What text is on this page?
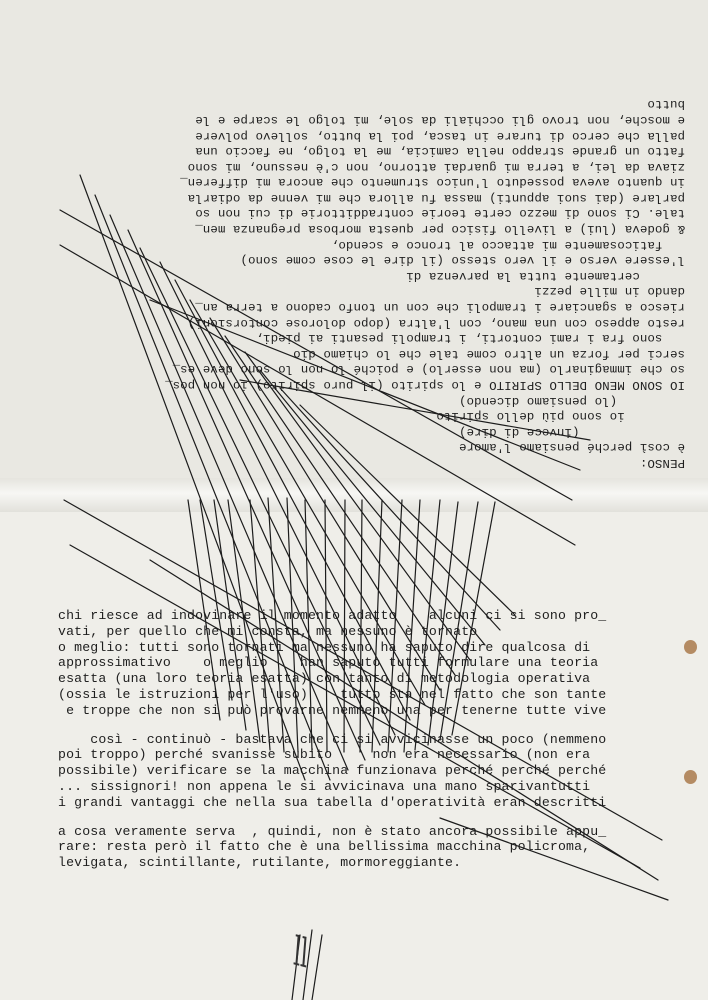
PENSO:

è così perché pensiamo l'amore

(invece di dire)

io sono più dello spirito

(lo pensiamo dicendo)

IO SONO MENO DELLO SPIRITO e lo spirito (il puro spirito) io non pos_

so che immaginarlo (ma non esserlo) e poiché lo non lo sono deve es_

serci per forza un altro come tale che lo chiamo dio

sono fra i rami contorti, i trampoli pesanti ai piedi,

resto appeso con una mano, con l'altra (dopo dolorose contorsioni)

riesco a sganciare i trampoli che con un tonfo cadono a terra an_

dando in mille pezzi

certamente tutta la parvenza di

l'essere verso e il vero stesso (il dire le cose come sono)

faticosamente mi attacco al tronco e scendo,

& godeva (lui) a livello fisico per questa morbosa pregnanza men_

tale. Ci sono di mezzo certe teorie contraddittorie di cui non so

parlare (dai suoi appunti) massa fu allora che mi venne da odiarla

in quanto aveva posseduto l'unico strumento che ancora mi differen_

ziava da lei, a terra mi guardai attorno, non c'è nessuno, mi sono

fatto un grande strappo nella camicia, me la tolgo, ne faccio una

palla che cerco di turare in tasca, poi la butto, sollevo polvere

e mosche, non trovo gli occhiali da sole, mi tolgo le scarpe e le

butto

chi riesce ad indovinare il momento adatto    alcuni ci si sono pro_

vati, per quello che mi consta, ma nessuno è tornato

o meglio: tutti sono tornati ma nessuno ha saputo dire qualcosa di

approssimativo    o meglio    han saputo tutti formulare una teoria

esatta (una loro teoria esatta) con tanto di metodologia operativa

(ossia le istruzioni per l'uso)    tutto sta nel fatto che son tante

e troppe che non si può provarne nemmeno una per tenerne tutte vive

così - continuò - bastava che ci si avvicinasse un poco (nemmeno

poi troppo) perché svanisse subito     non era necessario (non era

possibile) verificare se la macchina funzionava perché perché perché

... sissignori! non appena le si avvicinava una mano sparivantutti

i grandi vantaggi che nella sua tabella d'operatività eran descritti

a cosa veramente serva  , quindi, non è stato ancora possibile appu_

rare: resta però il fatto che è una bellissima macchina policroma,

levigata, scintillante, rutilante, mormoreggiante.

ll
